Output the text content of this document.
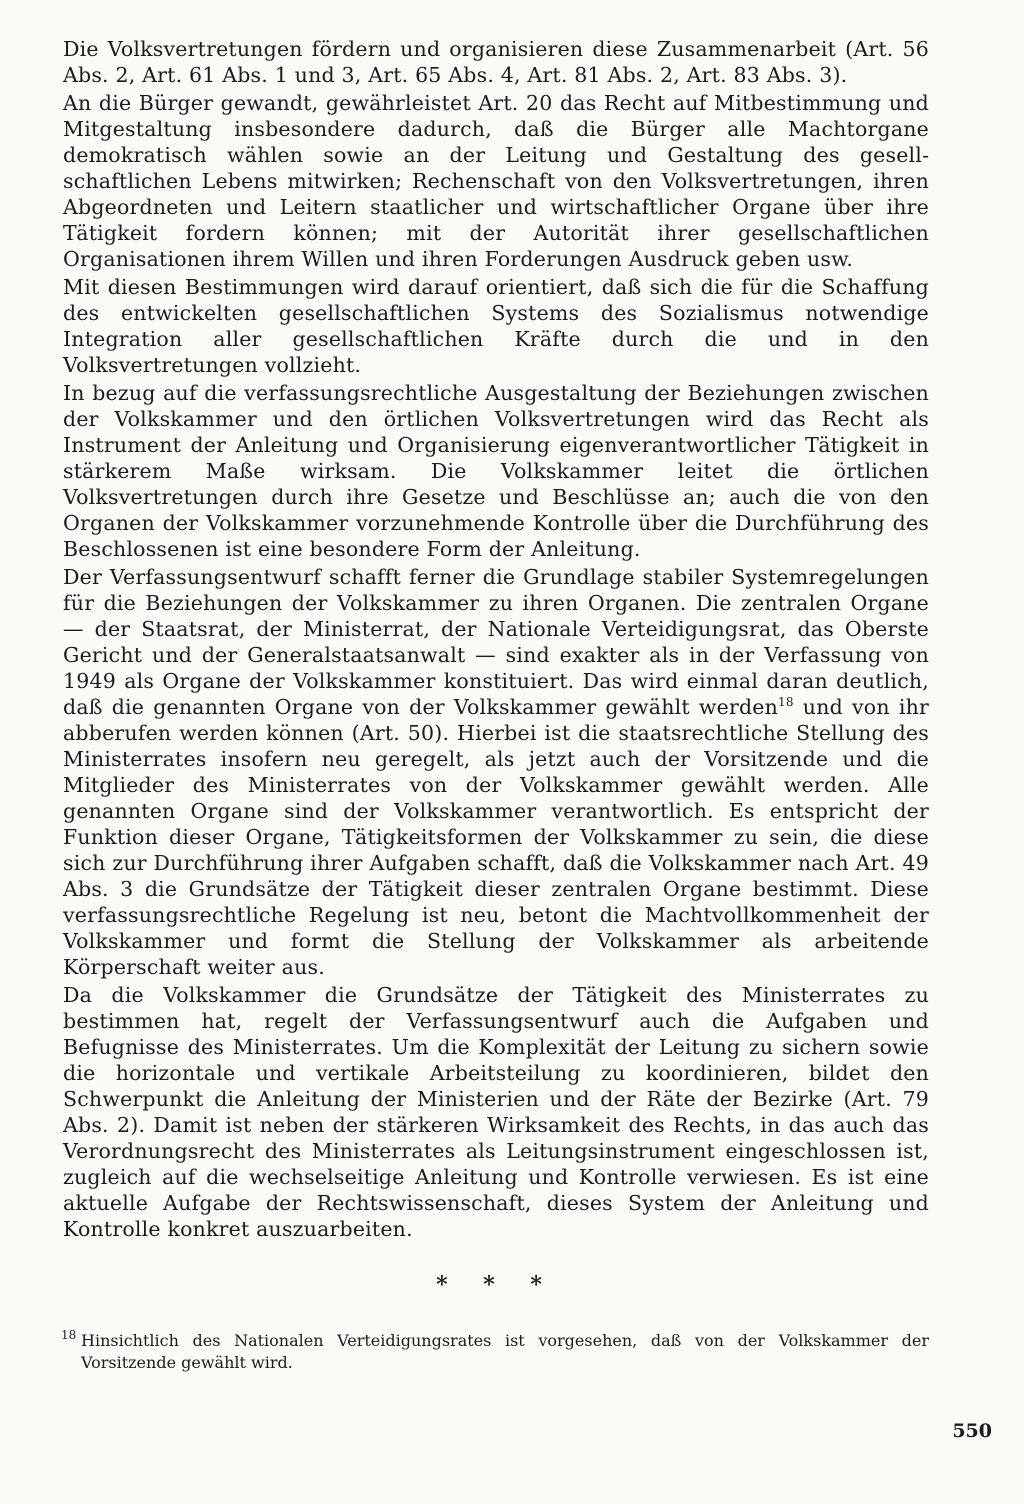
Die Volksvertretungen fördern und organisieren diese Zusammenarbeit (Art. 56 Abs. 2, Art. 61 Abs. 1 und 3, Art. 65 Abs. 4, Art. 81 Abs. 2, Art. 83 Abs. 3).

An die Bürger gewandt, gewährleistet Art. 20 das Recht auf Mitbestimmung und Mitgestaltung insbesondere dadurch, daß die Bürger alle Machtorgane demokratisch wählen sowie an der Leitung und Gestaltung des gesellschaftlichen Lebens mitwirken; Rechenschaft von den Volksvertretungen, ihren Abgeordneten und Leitern staatlicher und wirtschaftlicher Organe über ihre Tätigkeit fordern können; mit der Autorität ihrer gesellschaftlichen Organisationen ihrem Willen und ihren Forderungen Ausdruck geben usw.

Mit diesen Bestimmungen wird darauf orientiert, daß sich die für die Schaffung des entwickelten gesellschaftlichen Systems des Sozialismus notwendige Integration aller gesellschaftlichen Kräfte durch die und in den Volksvertretungen vollzieht.

In bezug auf die verfassungsrechtliche Ausgestaltung der Beziehungen zwischen der Volkskammer und den örtlichen Volksvertretungen wird das Recht als Instrument der Anleitung und Organisierung eigenverantwortlicher Tätigkeit in stärkerem Maße wirksam. Die Volkskammer leitet die örtlichen Volksvertretungen durch ihre Gesetze und Beschlüsse an; auch die von den Organen der Volkskammer vorzunehmende Kontrolle über die Durchführung des Beschlossenen ist eine besondere Form der Anleitung.

Der Verfassungsentwurf schafft ferner die Grundlage stabiler Systemregelungen für die Beziehungen der Volkskammer zu ihren Organen. Die zentralen Organe — der Staatsrat, der Ministerrat, der Nationale Verteidigungsrat, das Oberste Gericht und der Generalstaatsanwalt — sind exakter als in der Verfassung von 1949 als Organe der Volkskammer konstituiert. Das wird einmal daran deutlich, daß die genannten Organe von der Volkskammer gewählt werden$^{18}$ und von ihr abberufen werden können (Art. 50). Hierbei ist die staatsrechtliche Stellung des Ministerrates insofern neu geregelt, als jetzt auch der Vorsitzende und die Mitglieder des Ministerrates von der Volkskammer gewählt werden. Alle genannten Organe sind der Volkskammer verantwortlich. Es entspricht der Funktion dieser Organe, Tätigkeitsformen der Volkskammer zu sein, die diese sich zur Durchführung ihrer Aufgaben schafft, daß die Volkskammer nach Art. 49 Abs. 3 die Grundsätze der Tätigkeit dieser zentralen Organe bestimmt. Diese verfassungsrechtliche Regelung ist neu, betont die Machtvollkommenheit der Volkskammer und formt die Stellung der Volkskammer als arbeitende Körperschaft weiter aus.

Da die Volkskammer die Grundsätze der Tätigkeit des Ministerrates zu bestimmen hat, regelt der Verfassungsentwurf auch die Aufgaben und Befugnisse des Ministerrates. Um die Komplexität der Leitung zu sichern sowie die horizontale und vertikale Arbeitsteilung zu koordinieren, bildet den Schwerpunkt die Anleitung der Ministerien und der Räte der Bezirke (Art. 79 Abs. 2). Damit ist neben der stärkeren Wirksamkeit des Rechts, in das auch das Verordnungsrecht des Ministerrates als Leitungsinstrument eingeschlossen ist, zugleich auf die wechselseitige Anleitung und Kontrolle verwiesen. Es ist eine aktuelle Aufgabe der Rechtswissenschaft, dieses System der Anleitung und Kontrolle konkret auszuarbeiten.

* * *
18 Hinsichtlich des Nationalen Verteidigungsrates ist vorgesehen, daß von der Volkskammer der Vorsitzende gewählt wird.
550
